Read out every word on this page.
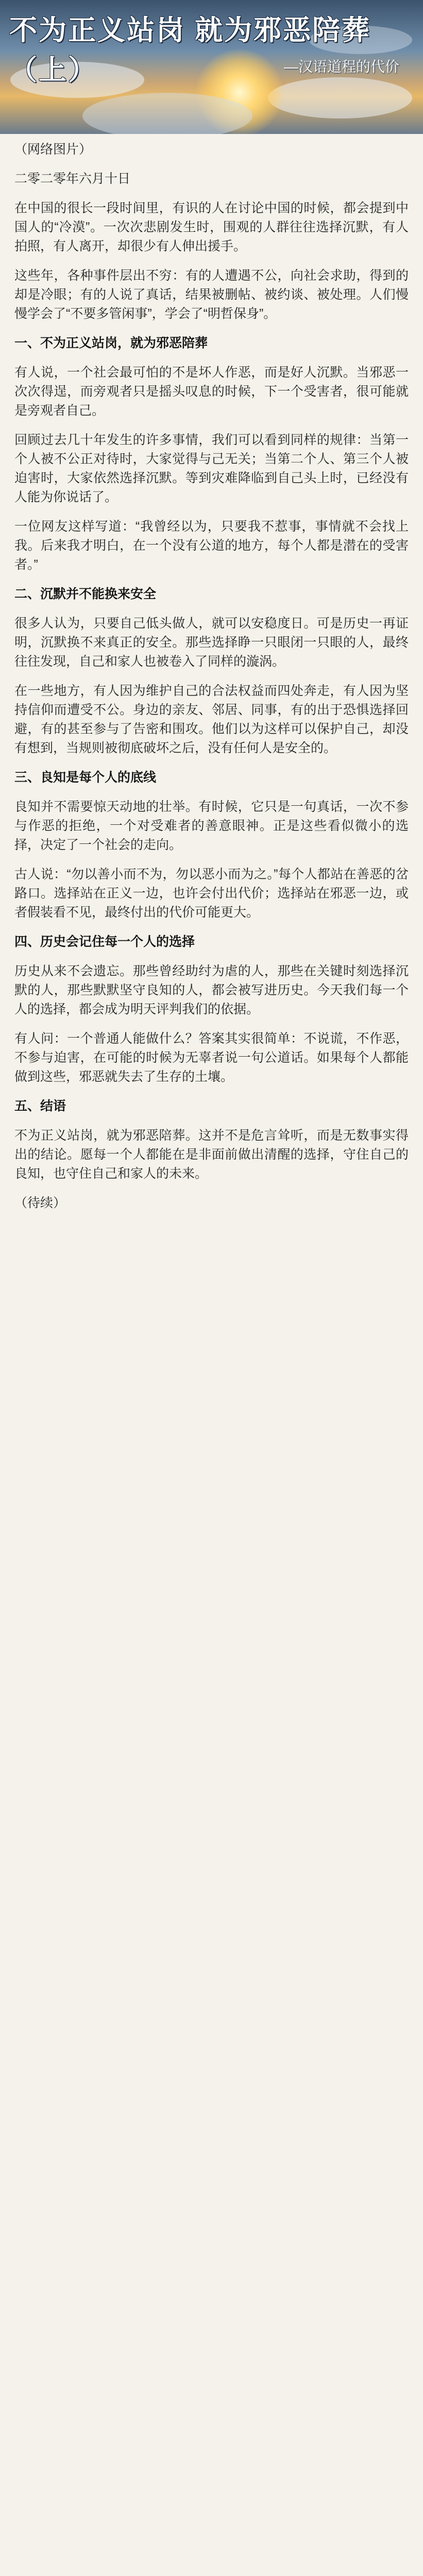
不为正义站岗 就为邪恶陪葬（上）	—汉语道程的代价

（网络图片）

二零二零年六月十日

在中国的很长一段时间里，有识的人在讨论中国的时候，都会提到中国人的“冷漠”。一次次悲剧发生时，围观的人群往往选择沉默，有人拍照，有人离开，却很少有人伸出援手。

这些年，各种事件层出不穷：有的人遭遇不公，向社会求助，得到的却是冷眼；有的人说了真话，结果被删帖、被约谈、被处理。人们慢慢学会了“不要多管闲事”，学会了“明哲保身”。

一、不为正义站岗，就为邪恶陪葬

有人说，一个社会最可怕的不是坏人作恶，而是好人沉默。当邪恶一次次得逞，而旁观者只是摇头叹息的时候，下一个受害者，很可能就是旁观者自己。

回顾过去几十年发生的许多事情，我们可以看到同样的规律：当第一个人被不公正对待时，大家觉得与己无关；当第二个人、第三个人被迫害时，大家依然选择沉默。等到灾难降临到自己头上时，已经没有人能为你说话了。

一位网友这样写道：“我曾经以为，只要我不惹事，事情就不会找上我。后来我才明白，在一个没有公道的地方，每个人都是潜在的受害者。”

二、沉默并不能换来安全

很多人认为，只要自己低头做人，就可以安稳度日。可是历史一再证明，沉默换不来真正的安全。那些选择睁一只眼闭一只眼的人，最终往往发现，自己和家人也被卷入了同样的漩涡。

在一些地方，有人因为维护自己的合法权益而四处奔走，有人因为坚持信仰而遭受不公。身边的亲友、邻居、同事，有的出于恐惧选择回避，有的甚至参与了告密和围攻。他们以为这样可以保护自己，却没有想到，当规则被彻底破坏之后，没有任何人是安全的。

三、良知是每个人的底线

良知并不需要惊天动地的壮举。有时候，它只是一句真话，一次不参与作恶的拒绝，一个对受难者的善意眼神。正是这些看似微小的选择，决定了一个社会的走向。

古人说：“勿以善小而不为，勿以恶小而为之。”每个人都站在善恶的岔路口。选择站在正义一边，也许会付出代价；选择站在邪恶一边，或者假装看不见，最终付出的代价可能更大。

四、历史会记住每一个人的选择

历史从来不会遗忘。那些曾经助纣为虐的人，那些在关键时刻选择沉默的人，那些默默坚守良知的人，都会被写进历史。今天我们每一个人的选择，都会成为明天评判我们的依据。

有人问：一个普通人能做什么？答案其实很简单：不说谎，不作恶，不参与迫害，在可能的时候为无辜者说一句公道话。如果每个人都能做到这些，邪恶就失去了生存的土壤。

五、结语

不为正义站岗，就为邪恶陪葬。这并不是危言耸听，而是无数事实得出的结论。愿每一个人都能在是非面前做出清醒的选择，守住自己的良知，也守住自己和家人的未来。

（待续）
